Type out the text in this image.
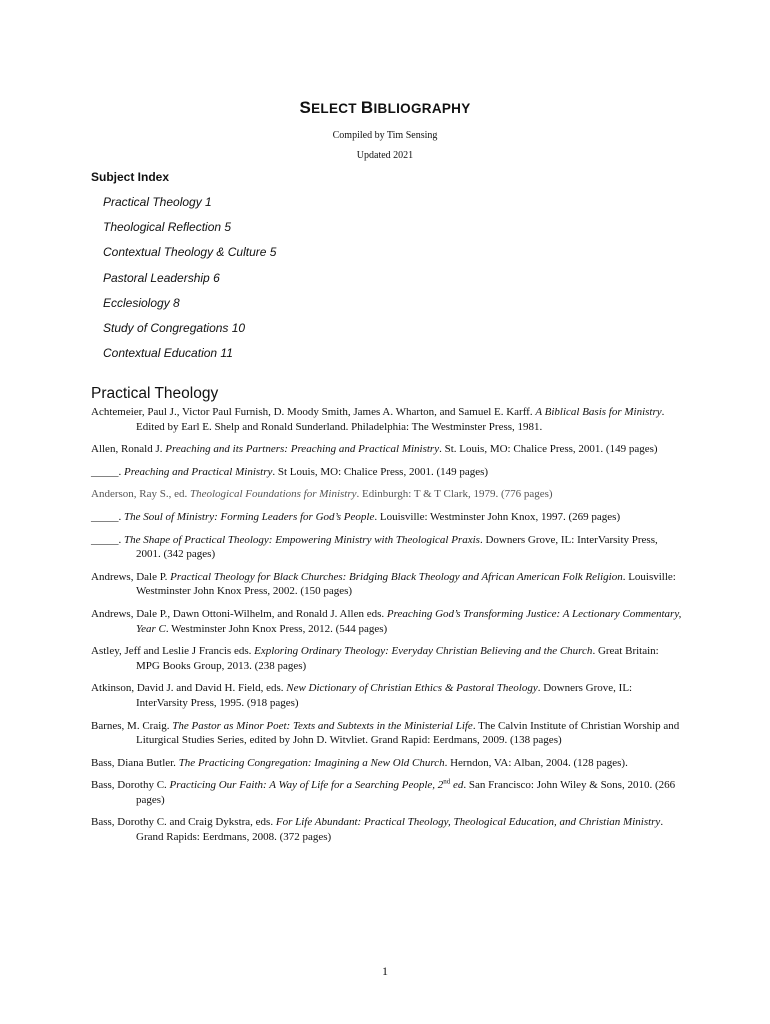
SELECT BIBLIOGRAPHY
Compiled by Tim Sensing
Updated 2021
Subject Index
Practical Theology 1
Theological Reflection 5
Contextual Theology & Culture 5
Pastoral Leadership 6
Ecclesiology 8
Study of Congregations 10
Contextual Education 11
Practical Theology

Achtemeier, Paul J., Victor Paul Furnish, D. Moody Smith, James A. Wharton, and Samuel E. Karff. A Biblical Basis for Ministry. Edited by Earl E. Shelp and Ronald Sunderland. Philadelphia: The Westminster Press, 1981.

Allen, Ronald J. Preaching and its Partners: Preaching and Practical Ministry. St. Louis, MO: Chalice Press, 2001. (149 pages)

_____. Preaching and Practical Ministry. St Louis, MO: Chalice Press, 2001. (149 pages)

Anderson, Ray S., ed. Theological Foundations for Ministry. Edinburgh: T & T Clark, 1979. (776 pages)

_____. The Soul of Ministry: Forming Leaders for God’s People. Louisville: Westminster John Knox, 1997. (269 pages)

_____. The Shape of Practical Theology: Empowering Ministry with Theological Praxis. Downers Grove, IL: InterVarsity Press, 2001. (342 pages)

Andrews, Dale P. Practical Theology for Black Churches: Bridging Black Theology and African American Folk Religion. Louisville: Westminster John Knox Press, 2002. (150 pages)

Andrews, Dale P., Dawn Ottoni-Wilhelm, and Ronald J. Allen eds. Preaching God’s Transforming Justice: A Lectionary Commentary, Year C. Westminster John Knox Press, 2012. (544 pages)

Astley, Jeff and Leslie J Francis eds. Exploring Ordinary Theology: Everyday Christian Believing and the Church. Great Britain: MPG Books Group, 2013. (238 pages)

Atkinson, David J. and David H. Field, eds. New Dictionary of Christian Ethics & Pastoral Theology. Downers Grove, IL: InterVarsity Press, 1995. (918 pages)

Barnes, M. Craig. The Pastor as Minor Poet: Texts and Subtexts in the Ministerial Life. The Calvin Institute of Christian Worship and Liturgical Studies Series, edited by John D. Witvliet. Grand Rapid: Eerdmans, 2009. (138 pages)

Bass, Diana Butler. The Practicing Congregation: Imagining a New Old Church. Herndon, VA: Alban, 2004. (128 pages).

Bass, Dorothy C. Practicing Our Faith: A Way of Life for a Searching People, 2nd ed. San Francisco: John Wiley & Sons, 2010. (266 pages)

Bass, Dorothy C. and Craig Dykstra, eds. For Life Abundant: Practical Theology, Theological Education, and Christian Ministry. Grand Rapids: Eerdmans, 2008. (372 pages)

1
